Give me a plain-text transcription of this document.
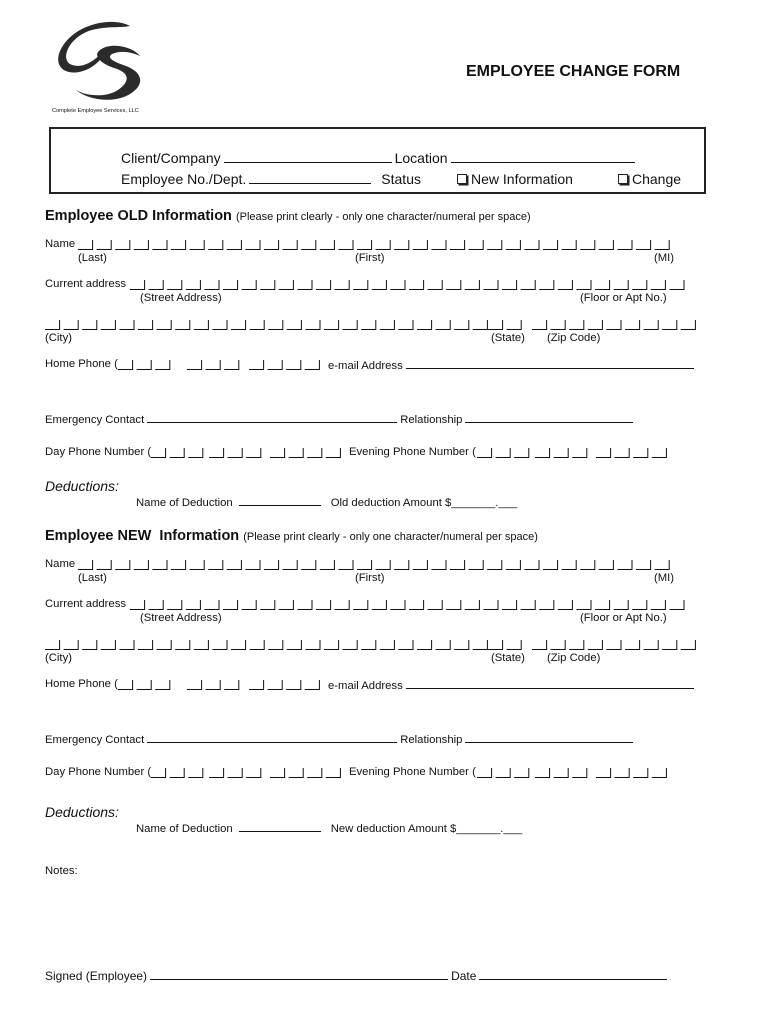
Complete Employee Services, LLC
EMPLOYEE CHANGE FORM
Client/Company	Location
Employee No./Dept.	Status	New Information	Change
Employee OLD Information (Please print clearly - only one character/numeral per space)
Name
(Last)	(First)	(MI)
Current address
(Street Address)	(Floor or Apt No.)
(City)	(State) (Zip Code)
Home Phone (	e-mail Address
Emergency Contact	Relationship
Day Phone Number (	Evening Phone Number (
Deductions:
Name of Deduction	Old deduction Amount $_______.___
Employee NEW  Information (Please print clearly - only one character/numeral per space)
Name
(Last)	(First)	(MI)
Current address
(Street Address)	(Floor or Apt No.)
(City)	(State) (Zip Code)
Home Phone (	e-mail Address
Emergency Contact	Relationship
Day Phone Number (	Evening Phone Number (
Deductions:
Name of Deduction	New deduction Amount $_______.___
Notes:
Signed (Employee)	Date
